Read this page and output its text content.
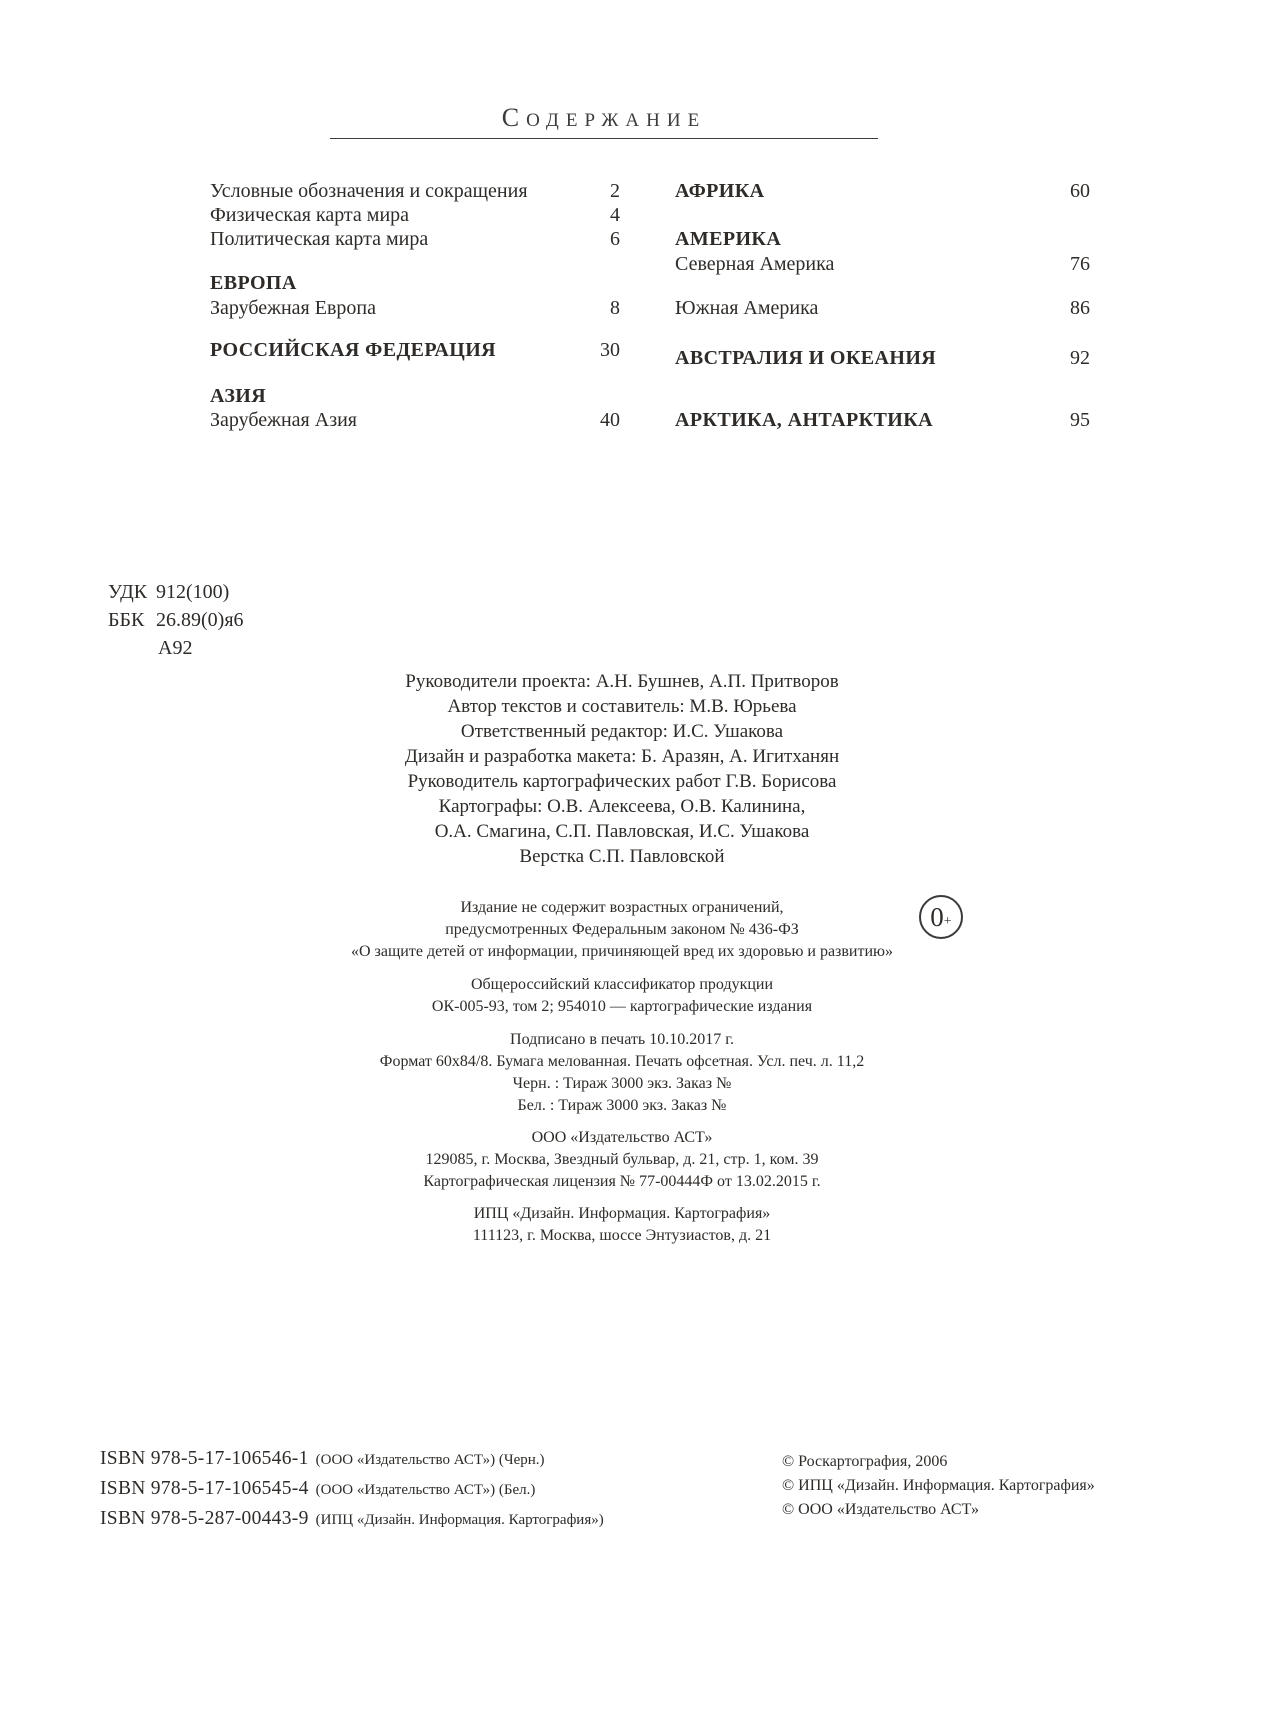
СОДЕРЖАНИЕ
Условные обозначения и сокращения	2
Физическая карта мира	4
Политическая карта мира	6
ЕВРОПА
Зарубежная Европа	8
РОССИЙСКАЯ ФЕДЕРАЦИЯ	30
АЗИЯ
Зарубежная Азия	40
АФРИКА	60
АМЕРИКА
Северная Америка	76
Южная Америка	86
АВСТРАЛИЯ И ОКЕАНИЯ	92
АРКТИКА, АНТАРКТИКА	95
УДК 912(100)
ББК 26.89(0)я6
А92
Руководители проекта: А.Н. Бушнев, А.П. Притворов
Автор текстов и составитель: М.В. Юрьева
Ответственный редактор: И.С. Ушакова
Дизайн и разработка макета: Б. Аразян, А. Игитханян
Руководитель картографических работ Г.В. Борисова
Картографы: О.В. Алексеева, О.В. Калинина,
О.А. Смагина, С.П. Павловская, И.С. Ушакова
Верстка С.П. Павловской
Издание не содержит возрастных ограничений,
предусмотренных Федеральным законом № 436-ФЗ
«О защите детей от информации, причиняющей вред их здоровью и развитию»
0 +
Общероссийский классификатор продукции
ОК-005-93, том 2; 954010 — картографические издания
Подписано в печать 10.10.2017 г.
Формат 60х84/8. Бумага мелованная. Печать офсетная. Усл. печ. л. 11,2
Черн. : Тираж 3000 экз. Заказ №
Бел. : Тираж 3000 экз. Заказ №
ООО «Издательство АСТ»
129085, г. Москва, Звездный бульвар, д. 21, стр. 1, ком. 39
Картографическая лицензия № 77-00444Ф от 13.02.2015 г.
ИПЦ «Дизайн. Информация. Картография»
111123, г. Москва, шоссе Энтузиастов, д. 21
ISBN 978-5-17-106546-1 (ООО «Издательство АСТ») (Черн.)
ISBN 978-5-17-106545-4 (ООО «Издательство АСТ») (Бел.)
ISBN 978-5-287-00443-9 (ИПЦ «Дизайн. Информация. Картография»)
© Роскартография, 2006
© ИПЦ «Дизайн. Информация. Картография»
© ООО «Издательство АСТ»
